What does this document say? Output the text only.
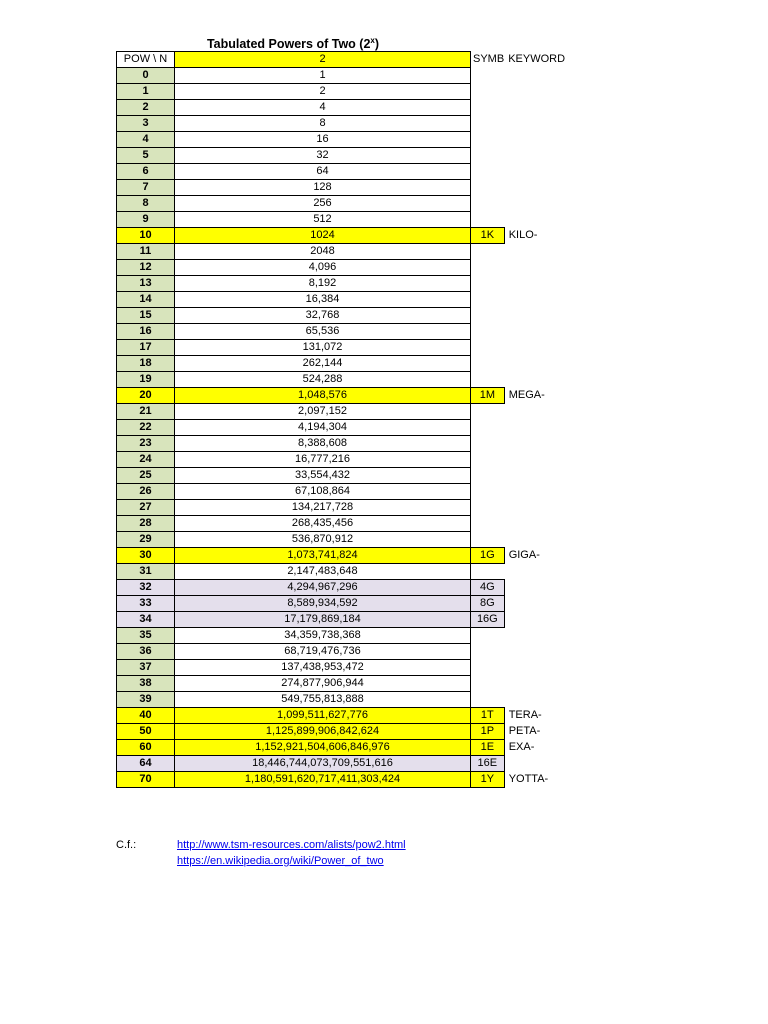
Tabulated Powers of Two (2$^x$)
POW \ N	2	SYMB	KEYWORD
0	1		
1	2		
2	4		
3	8		
4	16		
5	32		
6	64		
7	128		
8	256		
9	512		
10	1024	1K	KILO-
11	2048		
12	4,096		
13	8,192		
14	16,384		
15	32,768		
16	65,536		
17	131,072		
18	262,144		
19	524,288		
20	1,048,576	1M	MEGA-
21	2,097,152		
22	4,194,304		
23	8,388,608		
24	16,777,216		
25	33,554,432		
26	67,108,864		
27	134,217,728		
28	268,435,456		
29	536,870,912		
30	1,073,741,824	1G	GIGA-
31	2,147,483,648		
32	4,294,967,296	4G	
33	8,589,934,592	8G	
34	17,179,869,184	16G	
35	34,359,738,368		
36	68,719,476,736		
37	137,438,953,472		
38	274,877,906,944		
39	549,755,813,888		
40	1,099,511,627,776	1T	TERA-
50	1,125,899,906,842,624	1P	PETA-
60	1,152,921,504,606,846,976	1E	EXA-
64	18,446,744,073,709,551,616	16E	
70	1,180,591,620,717,411,303,424	1Y	YOTTA-
C.f.:	http://www.tsm-resources.com/alists/pow2.html
https://en.wikipedia.org/wiki/Power_of_two
